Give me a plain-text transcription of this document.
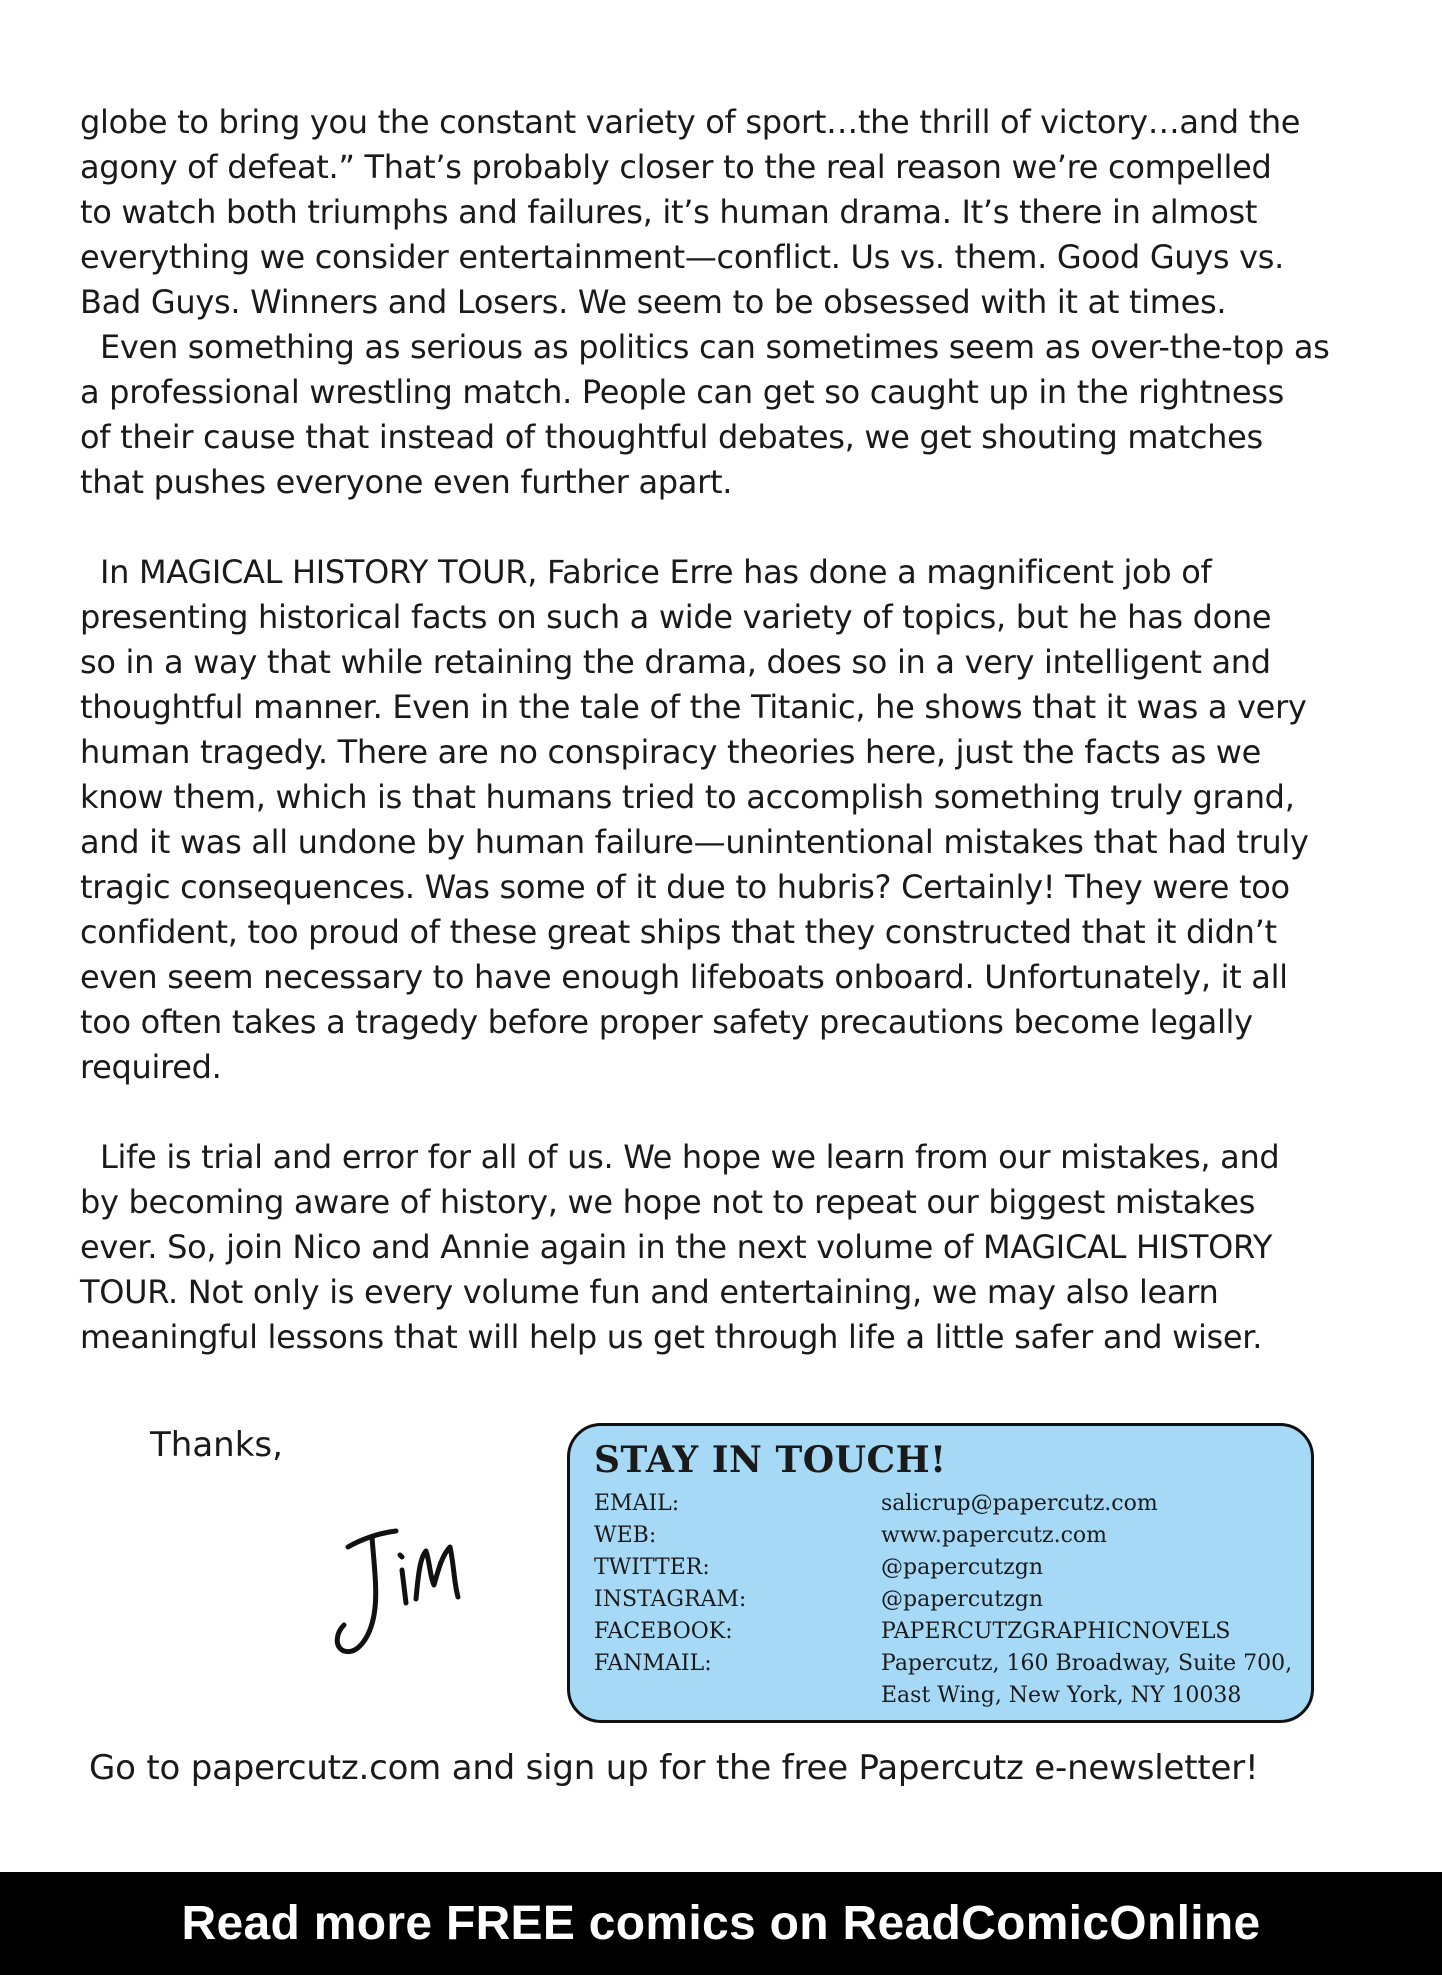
globe to bring you the constant variety of sport…the thrill of victory…and the

agony of defeat.” That’s probably closer to the real reason we’re compelled

to watch both triumphs and failures, it’s human drama. It’s there in almost

everything we consider entertainment—conflict. Us vs. them. Good Guys vs.

Bad Guys. Winners and Losers. We seem to be obsessed with it at times.

Even something as serious as politics can sometimes seem as over-the-top as

a professional wrestling match. People can get so caught up in the rightness

of their cause that instead of thoughtful debates, we get shouting matches

that pushes everyone even further apart.

In MAGICAL HISTORY TOUR, Fabrice Erre has done a magnificent job of

presenting historical facts on such a wide variety of topics, but he has done

so in a way that while retaining the drama, does so in a very intelligent and

thoughtful manner. Even in the tale of the Titanic, he shows that it was a very

human tragedy. There are no conspiracy theories here, just the facts as we

know them, which is that humans tried to accomplish something truly grand,

and it was all undone by human failure—unintentional mistakes that had truly

tragic consequences. Was some of it due to hubris? Certainly! They were too

confident, too proud of these great ships that they constructed that it didn’t

even seem necessary to have enough lifeboats onboard. Unfortunately, it all

too often takes a tragedy before proper safety precautions become legally

required.

Life is trial and error for all of us. We hope we learn from our mistakes, and

by becoming aware of history, we hope not to repeat our biggest mistakes

ever. So, join Nico and Annie again in the next volume of MAGICAL HISTORY

TOUR. Not only is every volume fun and entertaining, we may also learn

meaningful lessons that will help us get through life a little safer and wiser.

Thanks,	STAY IN TOUCH!
EMAIL:	salicrup@papercutz.com
WEB:	www.papercutz.com
TWITTER:	@papercutzgn
INSTAGRAM:	@papercutzgn
FACEBOOK:	PAPERCUTZGRAPHICNOVELS
FANMAIL:	Papercutz, 160 Broadway, Suite 700,
East Wing, New York, NY 10038
Go to papercutz.com and sign up for the free Papercutz e-newsletter!
Read more FREE comics on ReadComicOnline
